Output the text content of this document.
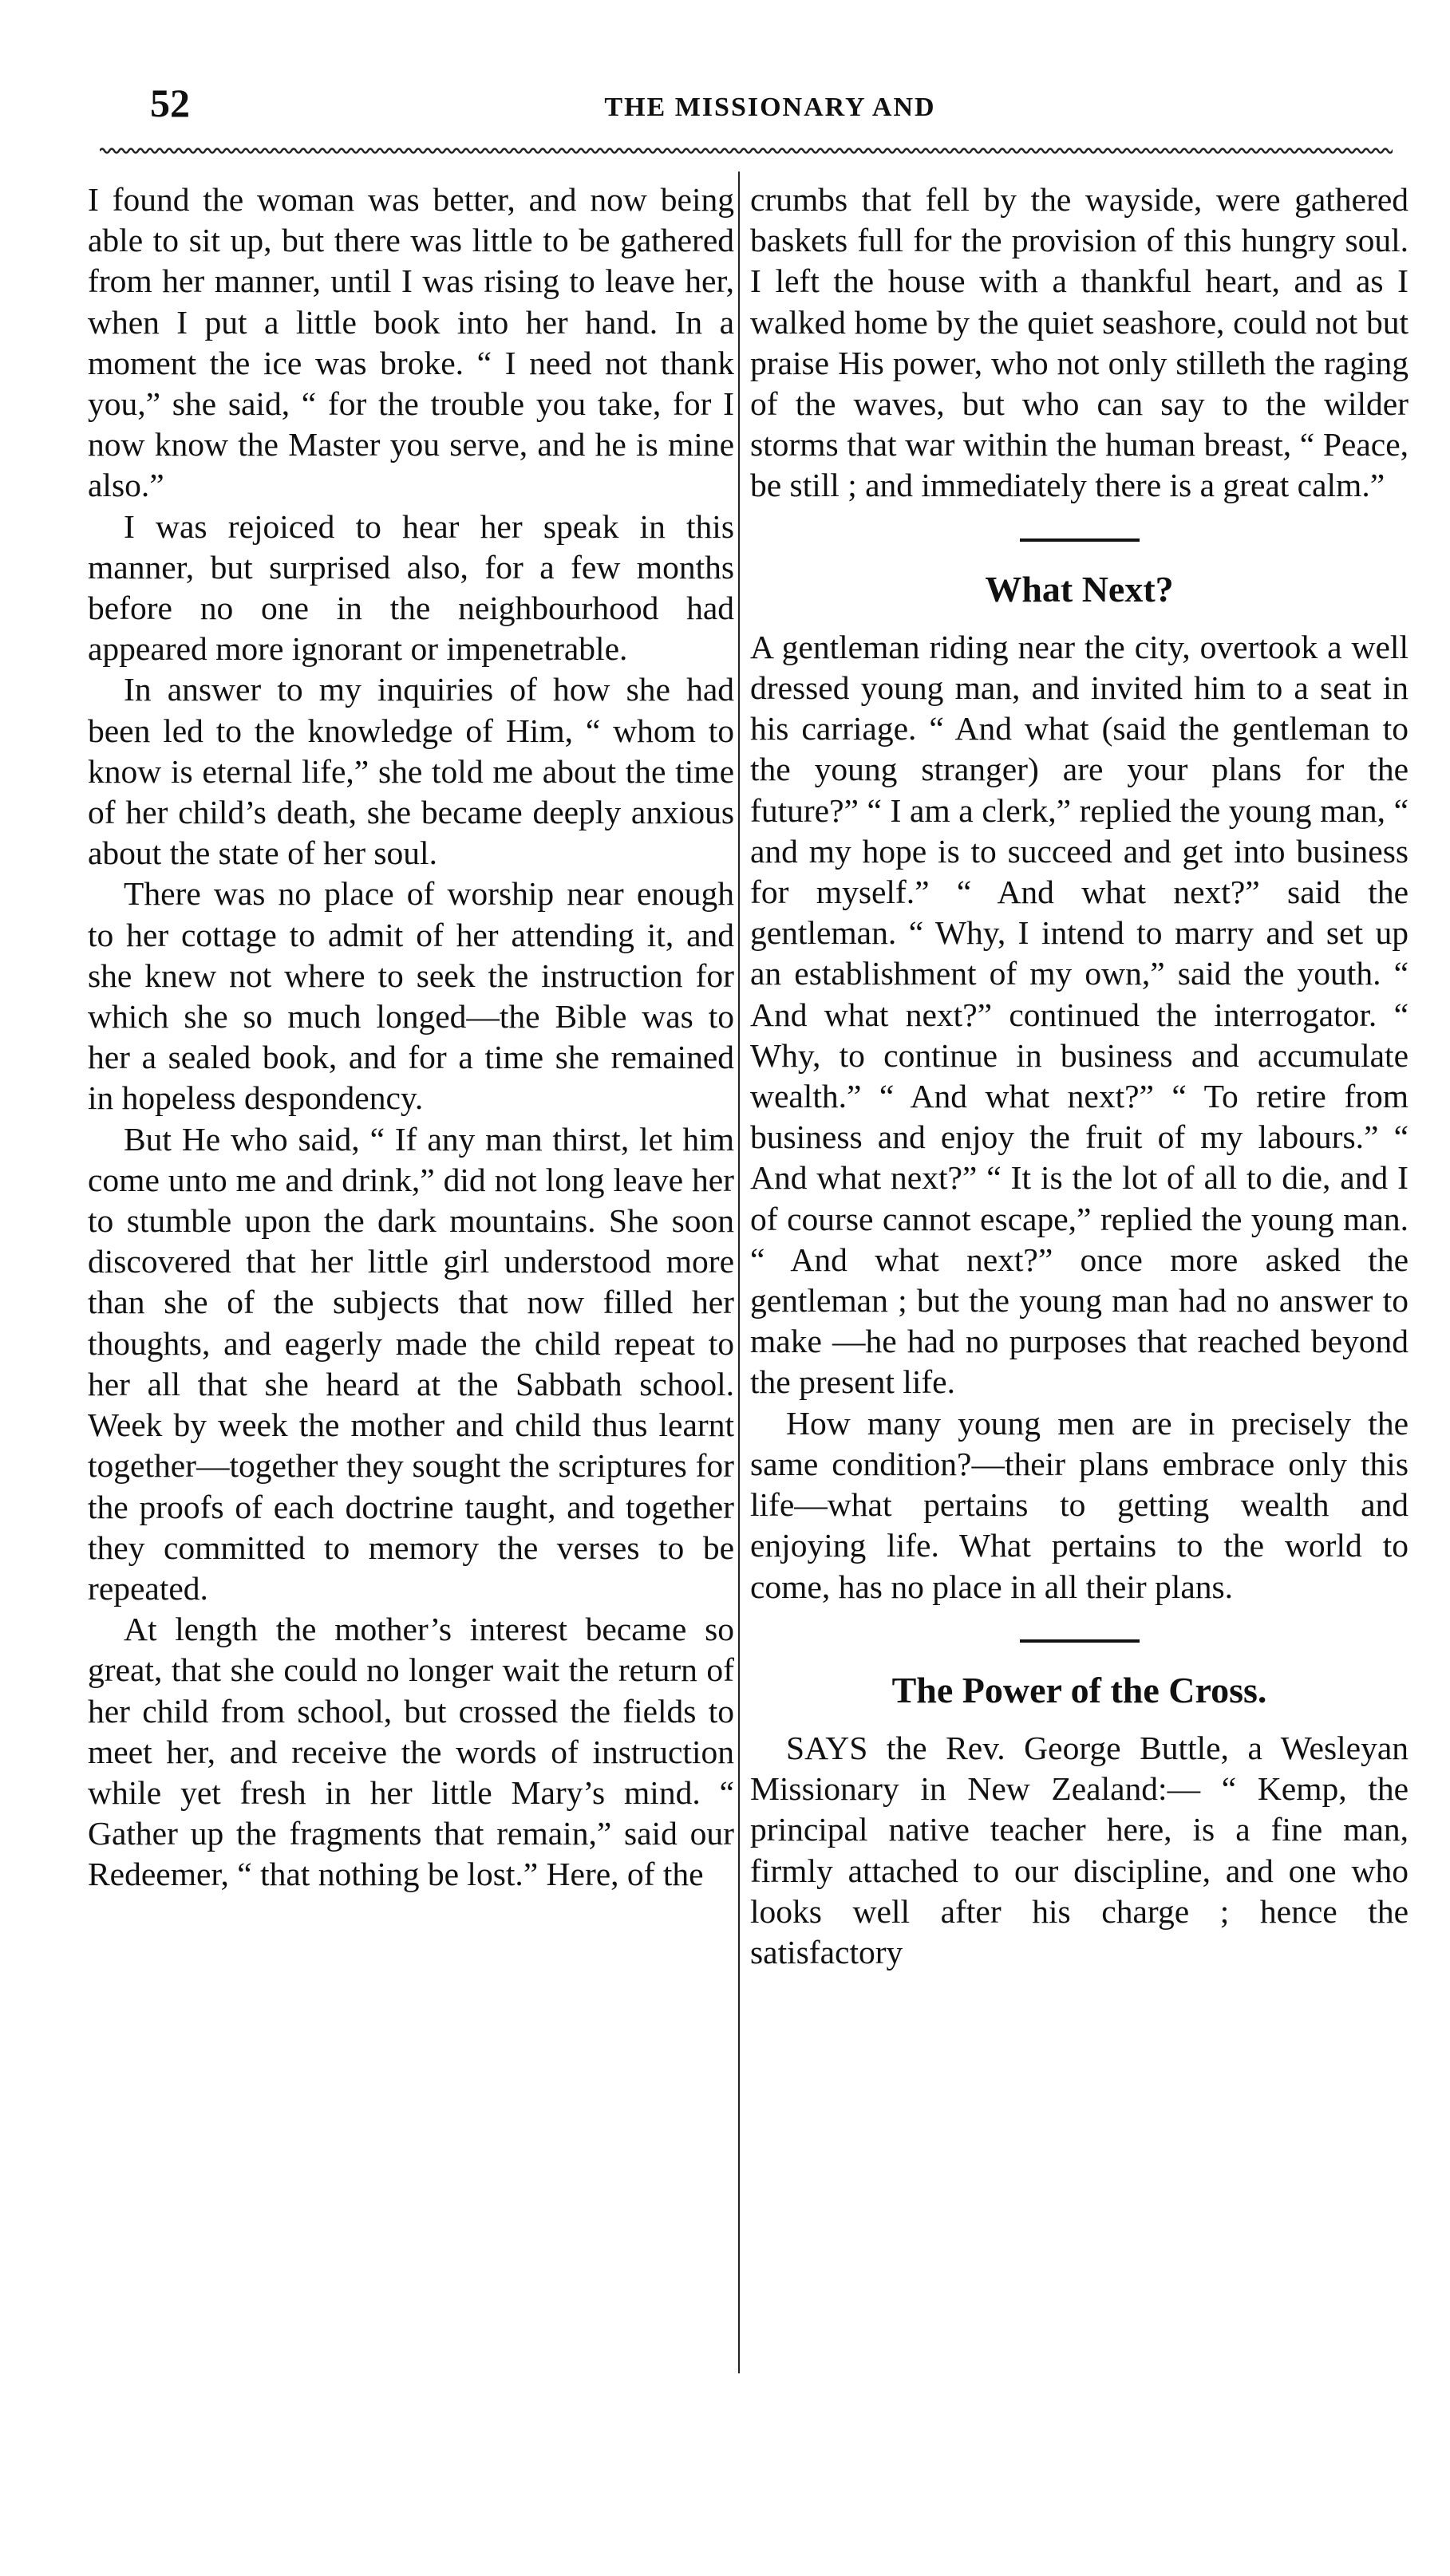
52	THE MISSIONARY AND

I found the woman was better, and now being able to sit up, but there was little to be gathered from her manner, until I was rising to leave her, when I put a little book into her hand. In a moment the ice was broke. “ I need not thank you,” she said, “ for the trouble you take, for I now know the Master you serve, and he is mine also.”

I was rejoiced to hear her speak in this manner, but surprised also, for a few months before no one in the neighbourhood had appeared more ignorant or impenetrable.

In answer to my inquiries of how she had been led to the knowledge of Him, “ whom to know is eternal life,” she told me about the time of her child’s death, she became deeply anxious about the state of her soul.

There was no place of worship near enough to her cottage to admit of her attending it, and she knew not where to seek the instruction for which she so much longed—the Bible was to her a sealed book, and for a time she remained in hopeless despondency.

But He who said, “ If any man thirst, let him come unto me and drink,” did not long leave her to stumble upon the dark mountains. She soon discovered that her little girl understood more than she of the subjects that now filled her thoughts, and eagerly made the child repeat to her all that she heard at the Sabbath school. Week by week the mother and child thus learnt together—together they sought the scriptures for the proofs of each doctrine taught, and together they committed to memory the verses to be repeated.

At length the mother’s interest became so great, that she could no longer wait the return of her child from school, but crossed the fields to meet her, and receive the words of instruction while yet fresh in her little Mary’s mind. “ Gather up the fragments that remain,” said our Redeemer, “ that nothing be lost.” Here, of the

crumbs that fell by the wayside, were gathered baskets full for the provision of this hungry soul. I left the house with a thankful heart, and as I walked home by the quiet seashore, could not but praise His power, who not only stilleth the raging of the waves, but who can say to the wilder storms that war within the human breast, “ Peace, be still ; and immediately there is a great calm.”

What Next?

A gentleman riding near the city, overtook a well dressed young man, and invited him to a seat in his carriage. “ And what (said the gentleman to the young stranger) are your plans for the future?” “ I am a clerk,” replied the young man, “ and my hope is to succeed and get into business for myself.” “ And what next?” said the gentleman. “ Why, I intend to marry and set up an establishment of my own,” said the youth. “ And what next?” continued the interrogator. “ Why, to continue in business and accumulate wealth.” “ And what next?” “ To retire from business and enjoy the fruit of my labours.” “ And what next?” “ It is the lot of all to die, and I of course cannot escape,” replied the young man. “ And what next?” once more asked the gentleman ; but the young man had no answer to make —he had no purposes that reached beyond the present life.

How many young men are in precisely the same condition?—their plans embrace only this life—what pertains to getting wealth and enjoying life. What pertains to the world to come, has no place in all their plans.

The Power of the Cross.

SAYS the Rev. George Buttle, a Wesleyan Missionary in New Zealand:— “ Kemp, the principal native teacher here, is a fine man, firmly attached to our discipline, and one who looks well after his charge ; hence the satisfactory
